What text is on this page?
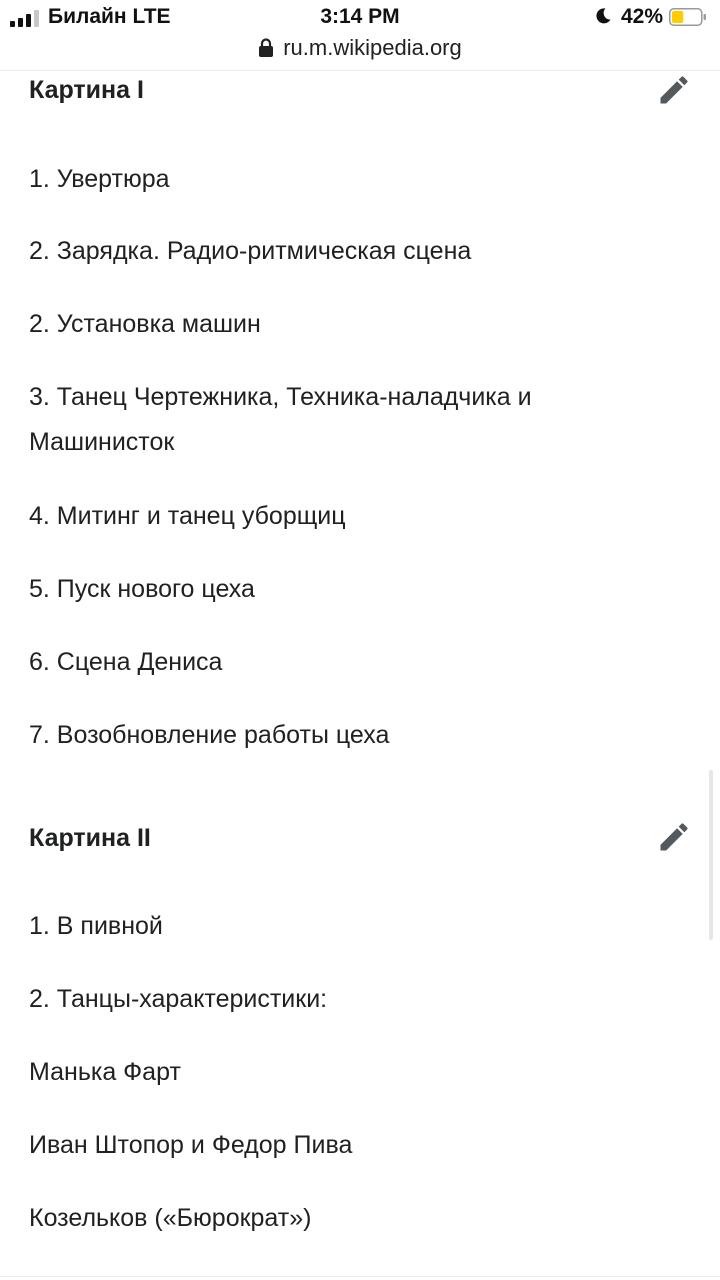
Билайн LTE	3:14 PM	42%
ru.m.wikipedia.org
Картина I

1. Увертюра

2. Зарядка. Радио-ритмическая сцена

2. Установка машин

3. Танец Чертежника, Техника-наладчика и Машинисток

4. Митинг и танец уборщиц

5. Пуск нового цеха

6. Сцена Дениса

7. Возобновление работы цеха

Картина II

1. В пивной

2. Танцы-характеристики:

Манька Фарт

Иван Штопор и Федор Пива

Козельков («Бюрократ»)
